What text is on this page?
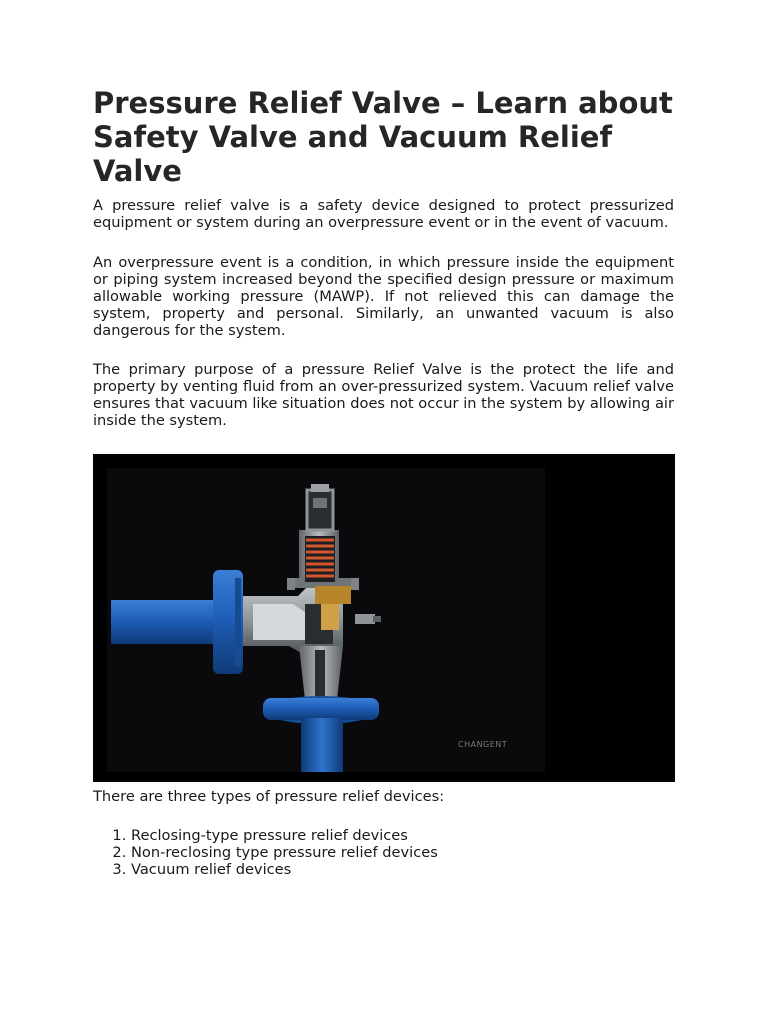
Pressure Relief Valve – Learn about Safety Valve and Vacuum Relief Valve

A pressure relief valve is a safety device designed to protect pressurized equipment or system during an overpressure event or in the event of vacuum.

An overpressure event is a condition, in which pressure inside the equipment or piping system increased beyond the specified design pressure or maximum allowable working pressure (MAWP). If not relieved this can damage the system, property and personal. Similarly, an unwanted vacuum is also dangerous for the system.

The primary purpose of a pressure Relief Valve is the protect the life and property by venting fluid from an over-pressurized system. Vacuum relief valve ensures that vacuum like situation does not occur in the system by allowing air inside the system.

CHANGENT

There are three types of pressure relief devices:

1. Reclosing-type pressure relief devices
2. Non-reclosing type pressure relief devices
3. Vacuum relief devices
